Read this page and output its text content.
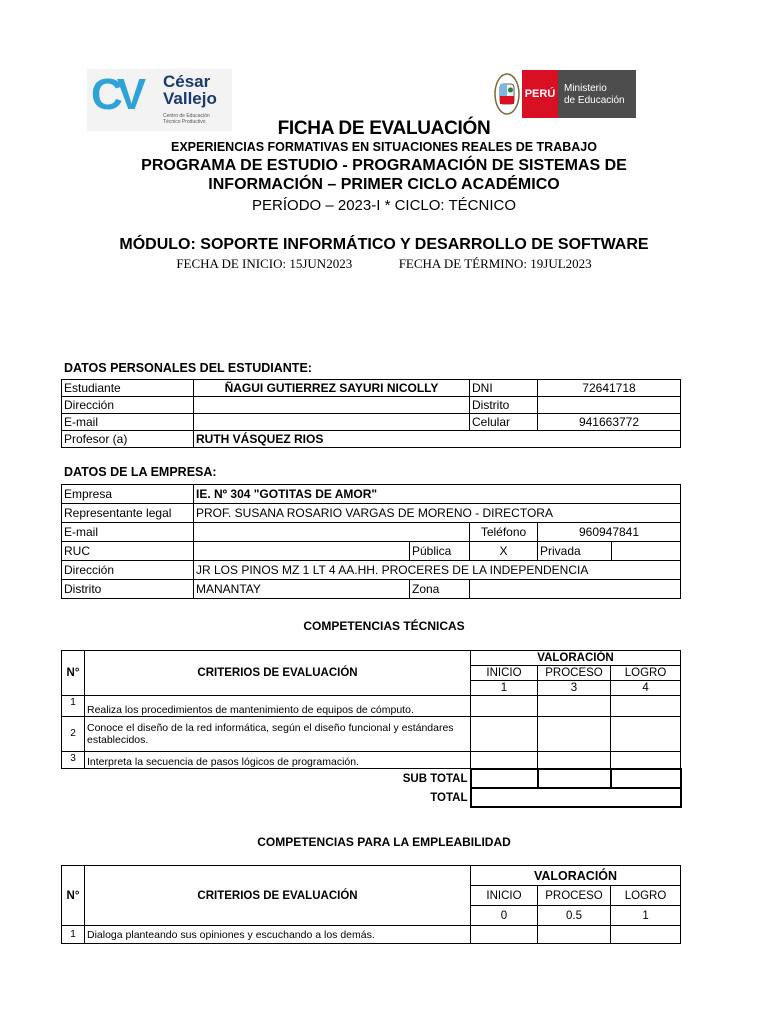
CV César
Vallejo
Centro de Educación
Técnico Productivo
PERÚ Ministerio
de Educación
FICHA DE EVALUACIÓN
EXPERIENCIAS FORMATIVAS EN SITUACIONES REALES DE TRABAJO
PROGRAMA DE ESTUDIO - PROGRAMACIÓN DE SISTEMAS DE
INFORMACIÓN – PRIMER CICLO ACADÉMICO
PERÍODO – 2023-I * CICLO: TÉCNICO
MÓDULO: SOPORTE INFORMÁTICO Y DESARROLLO DE SOFTWARE
FECHA DE INICIO: 15JUN2023	FECHA DE TÉRMINO: 19JUL2023
DATOS PERSONALES DEL ESTUDIANTE:
Estudiante	ÑAGUI GUTIERREZ SAYURI NICOLLY	DNI	72641718
Dirección		Distrito	
E-mail		Celular	941663772
Profesor (a)	RUTH VÁSQUEZ RIOS		
DATOS DE LA EMPRESA:
Empresa	IE. Nº 304 "GOTITAS DE AMOR"				
Representante legal	PROF. SUSANA ROSARIO VARGAS DE MORENO - DIRECTORA				
E-mail			Teléfono	960947841	
RUC		Pública	X	Privada	
Dirección	JR LOS PINOS MZ 1 LT 4 AA.HH. PROCERES DE LA INDEPENDENCIA				
Distrito	MANANTAY	Zona			
COMPETENCIAS TÉCNICAS
N°	CRITERIOS DE EVALUACIÓN	VALORACIÓN		
		INICIO	PROCESO	LOGRO
		1	3	4
1	Realiza los procedimientos de mantenimiento de equipos de cómputo.			
2	Conoce el diseño de la red informática, según el diseño funcional y estándares establecidos.			
3	Interpreta la secuencia de pasos lógicos de programación.			
	SUB TOTAL			
	TOTAL			
COMPETENCIAS PARA LA EMPLEABILIDAD
N°	CRITERIOS DE EVALUACIÓN	VALORACIÓN		
		INICIO	PROCESO	LOGRO
		0	0.5	1
1	Dialoga planteando sus opiniones y escuchando a los demás.			
